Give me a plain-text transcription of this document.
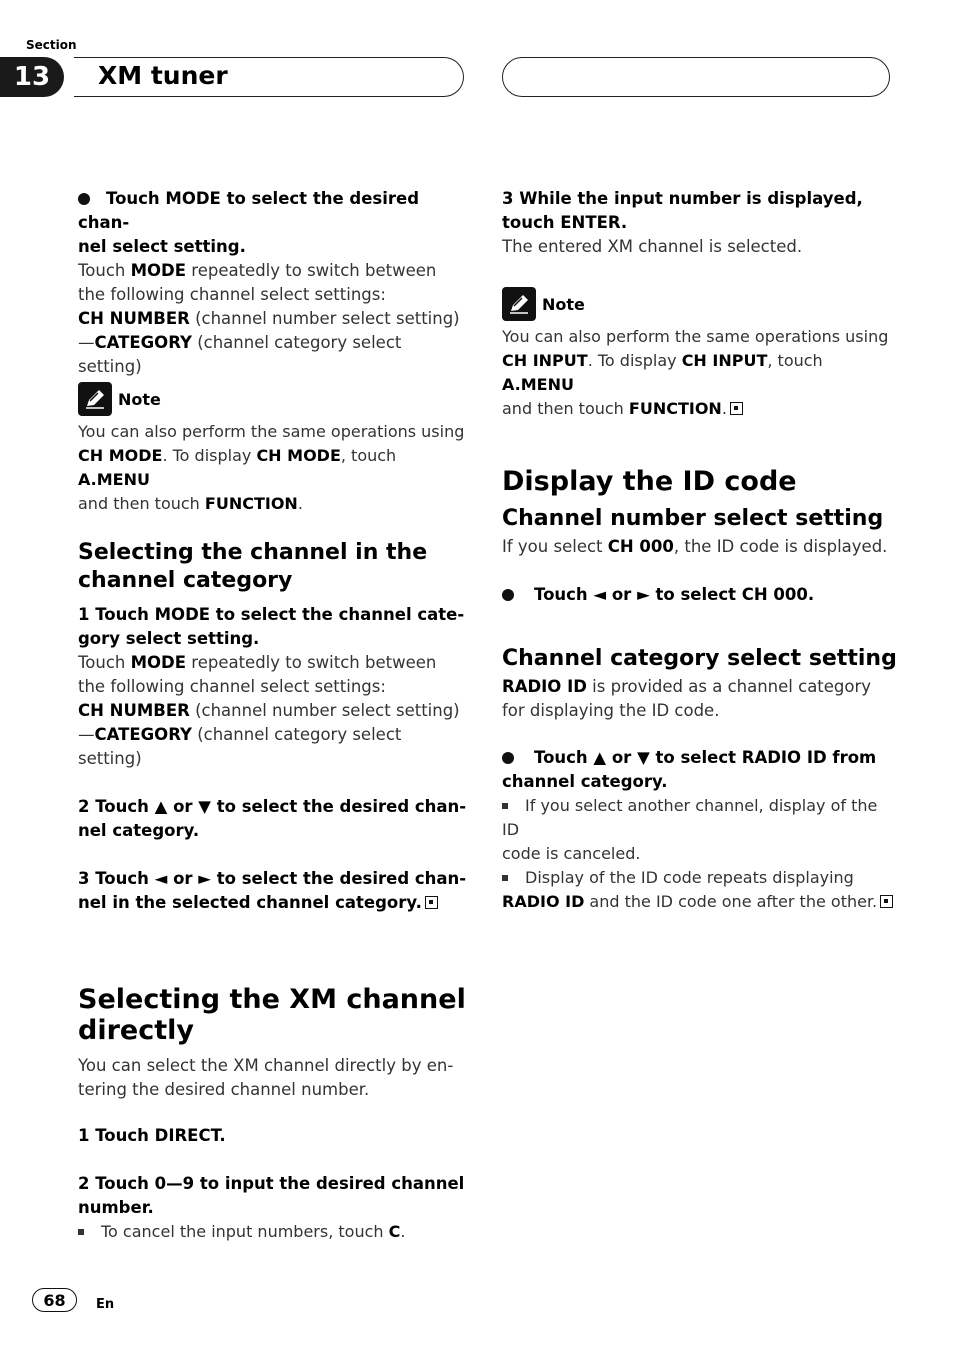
Section
13	XM tuner
Touch MODE to select the desired chan-
nel select setting.
Touch MODE repeatedly to switch between
the following channel select settings:
CH NUMBER (channel number select setting)
—CATEGORY (channel category select
setting)
Note
You can also perform the same operations using
CH MODE. To display CH MODE, touch A.MENU
and then touch FUNCTION.
Selecting the channel in the
channel category
1 Touch MODE to select the channel cate-
gory select setting.
Touch MODE repeatedly to switch between
the following channel select settings:
CH NUMBER (channel number select setting)
—CATEGORY (channel category select
setting)
2 Touch ▲ or ▼ to select the desired chan-
nel category.
3 Touch ◄ or ► to select the desired chan-
nel in the selected channel category.
Selecting the XM channel
directly
You can select the XM channel directly by en-
tering the desired channel number.
1 Touch DIRECT.
2 Touch 0—9 to input the desired channel
number.
To cancel the input numbers, touch C.
3 While the input number is displayed,
touch ENTER.
The entered XM channel is selected.
Note
You can also perform the same operations using
CH INPUT. To display CH INPUT, touch A.MENU
and then touch FUNCTION.
Display the ID code
Channel number select setting
If you select CH 000, the ID code is displayed.
Touch ◄ or ► to select CH 000.
Channel category select setting
RADIO ID is provided as a channel category
for displaying the ID code.
Touch ▲ or ▼ to select RADIO ID from
channel category.
If you select another channel, display of the ID
code is canceled.
Display of the ID code repeats displaying
RADIO ID and the ID code one after the other.
68	En
